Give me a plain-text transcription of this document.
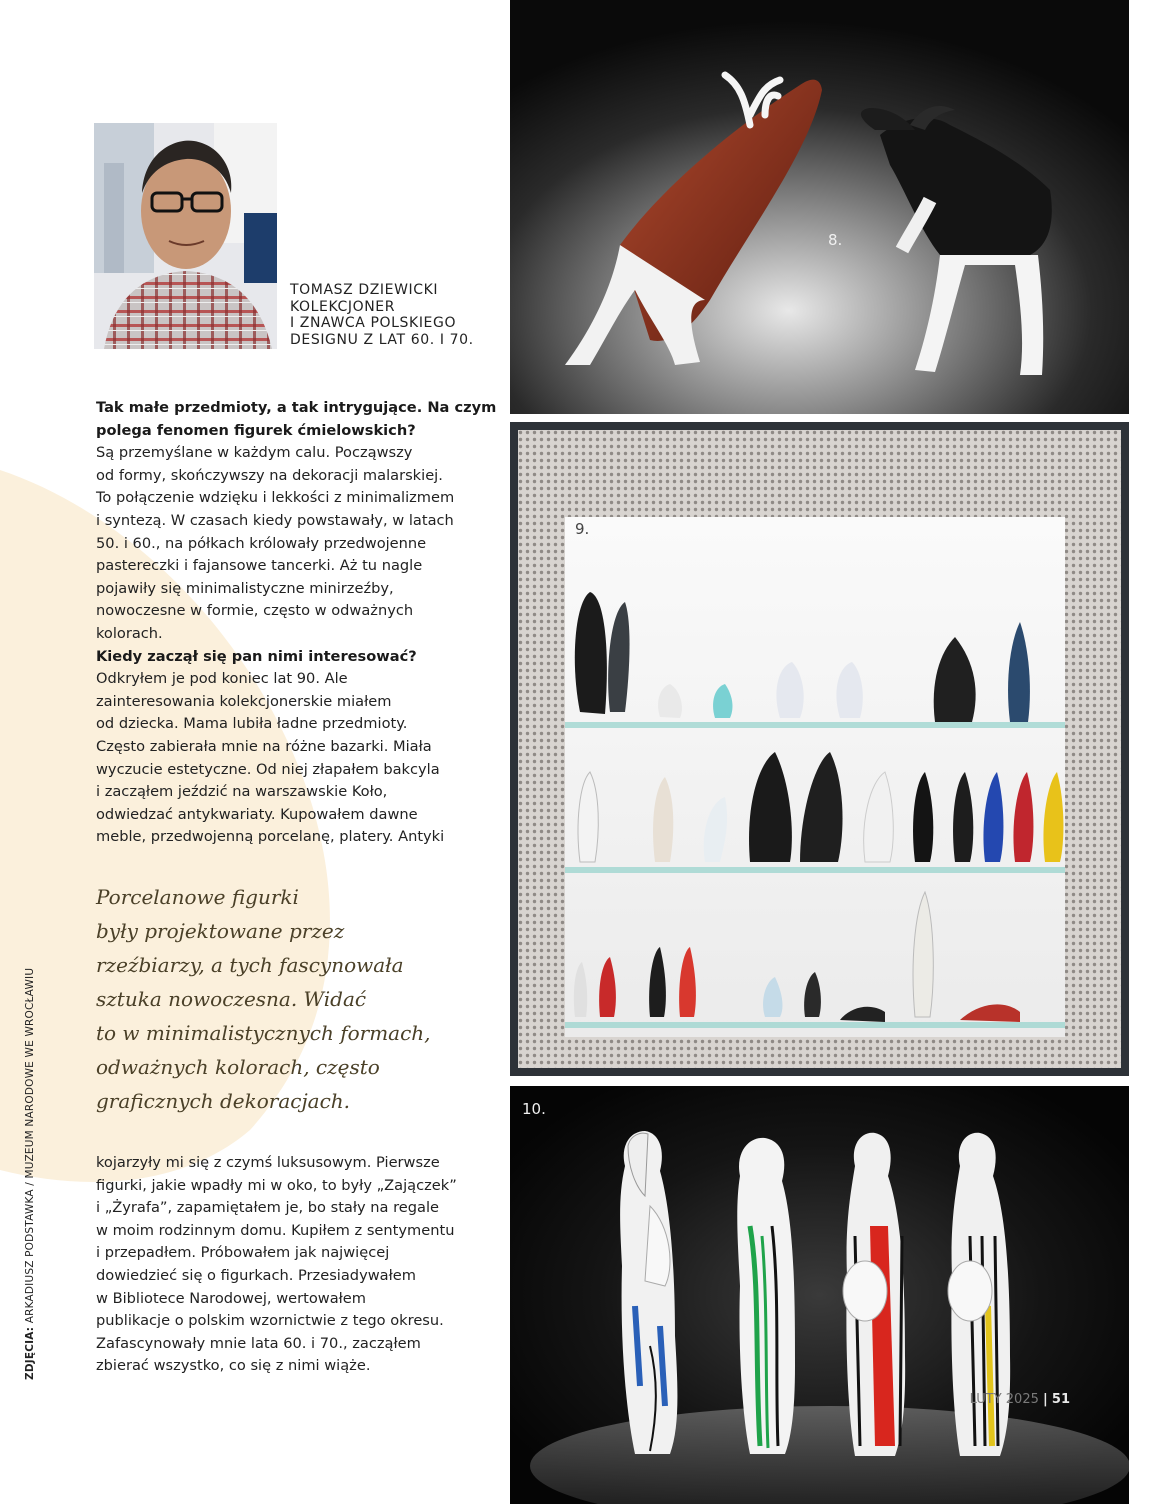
ZDJĘCIA: ARKADIUSZ PODSTAWKA / MUZEUM NARODOWE WE WROCŁAWIU
TOMASZ DZIEWICKI
KOLEKCJONER
I ZNAWCA POLSKIEGO
DESIGNU Z LAT 60. I 70.

Tak małe przedmioty, a tak intrygujące. Na czym

polega fenomen figurek ćmielowskich?

Są przemyślane w każdym calu. Począwszy

od formy, skończywszy na dekoracji malarskiej.

To połączenie wdzięku i lekkości z minimalizmem

i syntezą. W czasach kiedy powstawały, w latach

50. i 60., na półkach królowały przedwojenne

pastereczki i fajansowe tancerki. Aż tu nagle

pojawiły się minimalistyczne minirzeźby,

nowoczesne w formie, często w odważnych

kolorach.

Kiedy zaczął się pan nimi interesować?

Odkryłem je pod koniec lat 90. Ale

zainteresowania kolekcjonerskie miałem

od dziecka. Mama lubiła ładne przedmioty.

Często zabierała mnie na różne bazarki. Miała

wyczucie estetyczne. Od niej złapałem bakcyla

i zacząłem jeździć na warszawskie Koło,

odwiedzać antykwariaty. Kupowałem dawne

meble, przedwojenną porcelanę, platery. Antyki

Porcelanowe figurki

były projektowane przez

rzeźbiarzy, a tych fascynowała

sztuka nowoczesna. Widać

to w minimalistycznych formach,

odważnych kolorach, często

graficznych dekoracjach.

kojarzyły mi się z czymś luksusowym. Pierwsze

figurki, jakie wpadły mi w oko, to były „Zajączek”

i „Żyrafa”, zapamiętałem je, bo stały na regale

w moim rodzinnym domu. Kupiłem z sentymentu

i przepadłem. Próbowałem jak najwięcej

dowiedzieć się o figurkach. Przesiadywałem

w Bibliotece Narodowej, wertowałem

publikacje o polskim wzornictwie z tego okresu.

Zafascynowały mnie lata 60. i 70., zacząłem

zbierać wszystko, co się z nimi wiąże.

8.
9.
10.
LUTY 2025 | 51
